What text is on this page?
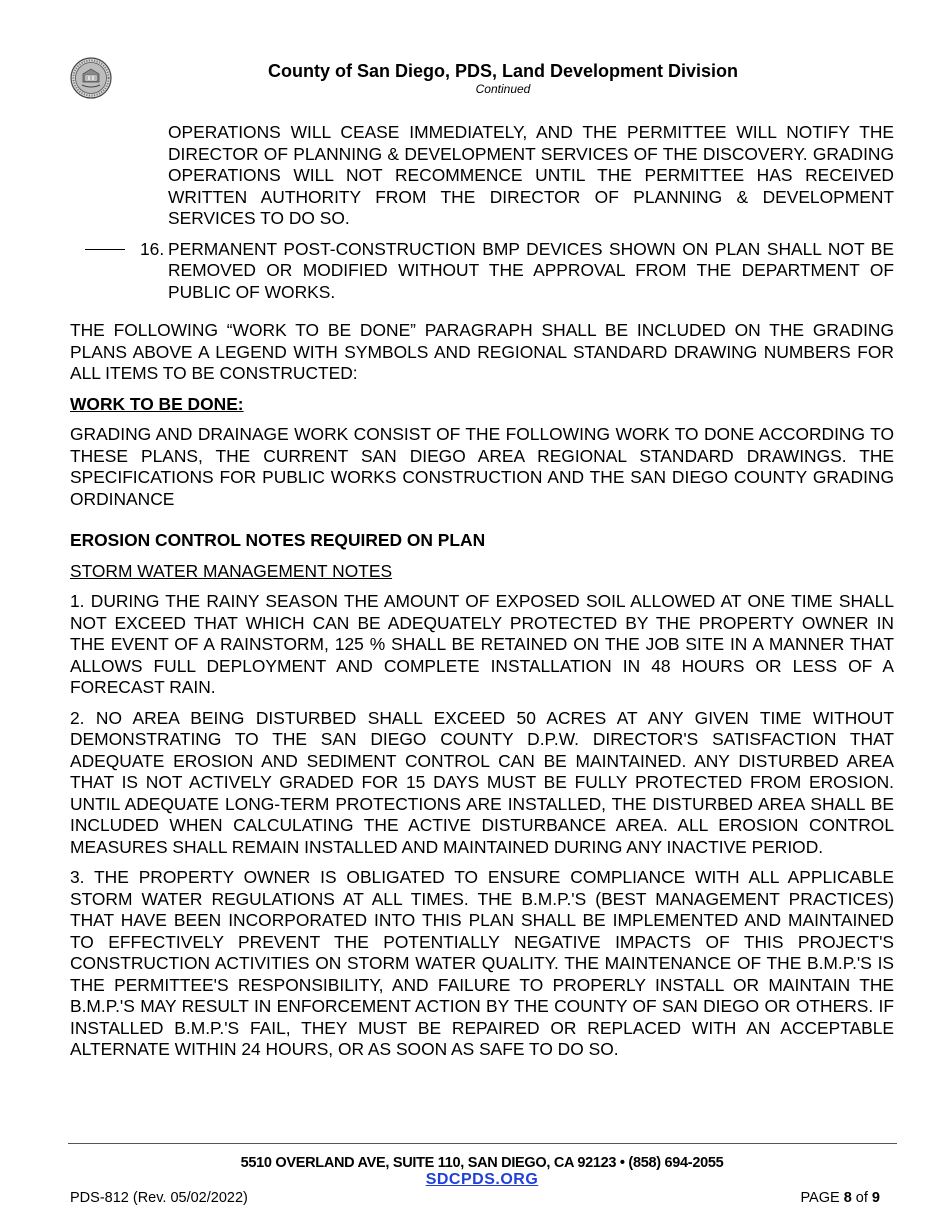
County of San Diego, PDS, Land Development Division
Continued

OPERATIONS WILL CEASE IMMEDIATELY, AND THE PERMITTEE WILL NOTIFY THE DIRECTOR OF PLANNING & DEVELOPMENT SERVICES OF THE DISCOVERY. GRADING OPERATIONS WILL NOT RECOMMENCE UNTIL THE PERMITTEE HAS RECEIVED WRITTEN AUTHORITY FROM THE DIRECTOR OF PLANNING & DEVELOPMENT SERVICES TO DO SO.

16. PERMANENT POST-CONSTRUCTION BMP DEVICES SHOWN ON PLAN SHALL NOT BE REMOVED OR MODIFIED WITHOUT THE APPROVAL FROM THE DEPARTMENT OF PUBLIC OF WORKS.

THE FOLLOWING “WORK TO BE DONE” PARAGRAPH SHALL BE INCLUDED ON THE GRADING PLANS ABOVE A LEGEND WITH SYMBOLS AND REGIONAL STANDARD DRAWING NUMBERS FOR ALL ITEMS TO BE CONSTRUCTED:

WORK TO BE DONE:

GRADING AND DRAINAGE WORK CONSIST OF THE FOLLOWING WORK TO DONE ACCORDING TO THESE PLANS, THE CURRENT SAN DIEGO AREA REGIONAL STANDARD DRAWINGS. THE SPECIFICATIONS FOR PUBLIC WORKS CONSTRUCTION AND THE SAN DIEGO COUNTY GRADING ORDINANCE

EROSION CONTROL NOTES REQUIRED ON PLAN

STORM WATER MANAGEMENT NOTES

1. DURING THE RAINY SEASON THE AMOUNT OF EXPOSED SOIL ALLOWED AT ONE TIME SHALL NOT EXCEED THAT WHICH CAN BE ADEQUATELY PROTECTED BY THE PROPERTY OWNER IN THE EVENT OF A RAINSTORM, 125 % SHALL BE RETAINED ON THE JOB SITE IN A MANNER THAT ALLOWS FULL DEPLOYMENT AND COMPLETE INSTALLATION IN 48 HOURS OR LESS OF A FORECAST RAIN.

2. NO AREA BEING DISTURBED SHALL EXCEED 50 ACRES AT ANY GIVEN TIME WITHOUT DEMONSTRATING TO THE SAN DIEGO COUNTY D.P.W. DIRECTOR'S SATISFACTION THAT ADEQUATE EROSION AND SEDIMENT CONTROL CAN BE MAINTAINED. ANY DISTURBED AREA THAT IS NOT ACTIVELY GRADED FOR 15 DAYS MUST BE FULLY PROTECTED FROM EROSION. UNTIL ADEQUATE LONG-TERM PROTECTIONS ARE INSTALLED, THE DISTURBED AREA SHALL BE INCLUDED WHEN CALCULATING THE ACTIVE DISTURBANCE AREA. ALL EROSION CONTROL MEASURES SHALL REMAIN INSTALLED AND MAINTAINED DURING ANY INACTIVE PERIOD.

3. THE PROPERTY OWNER IS OBLIGATED TO ENSURE COMPLIANCE WITH ALL APPLICABLE STORM WATER REGULATIONS AT ALL TIMES. THE B.M.P.'S (BEST MANAGEMENT PRACTICES) THAT HAVE BEEN INCORPORATED INTO THIS PLAN SHALL BE IMPLEMENTED AND MAINTAINED TO EFFECTIVELY PREVENT THE POTENTIALLY NEGATIVE IMPACTS OF THIS PROJECT'S CONSTRUCTION ACTIVITIES ON STORM WATER QUALITY. THE MAINTENANCE OF THE B.M.P.'S IS THE PERMITTEE'S RESPONSIBILITY, AND FAILURE TO PROPERLY INSTALL OR MAINTAIN THE B.M.P.'S MAY RESULT IN ENFORCEMENT ACTION BY THE COUNTY OF SAN DIEGO OR OTHERS. IF INSTALLED B.M.P.'S FAIL, THEY MUST BE REPAIRED OR REPLACED WITH AN ACCEPTABLE ALTERNATE WITHIN 24 HOURS, OR AS SOON AS SAFE TO DO SO.

5510 OVERLAND AVE, SUITE 110, SAN DIEGO, CA 92123 • (858) 694-2055
SDCPDS.ORG
PDS-812 (Rev. 05/02/2022)	PAGE 8 of 9
